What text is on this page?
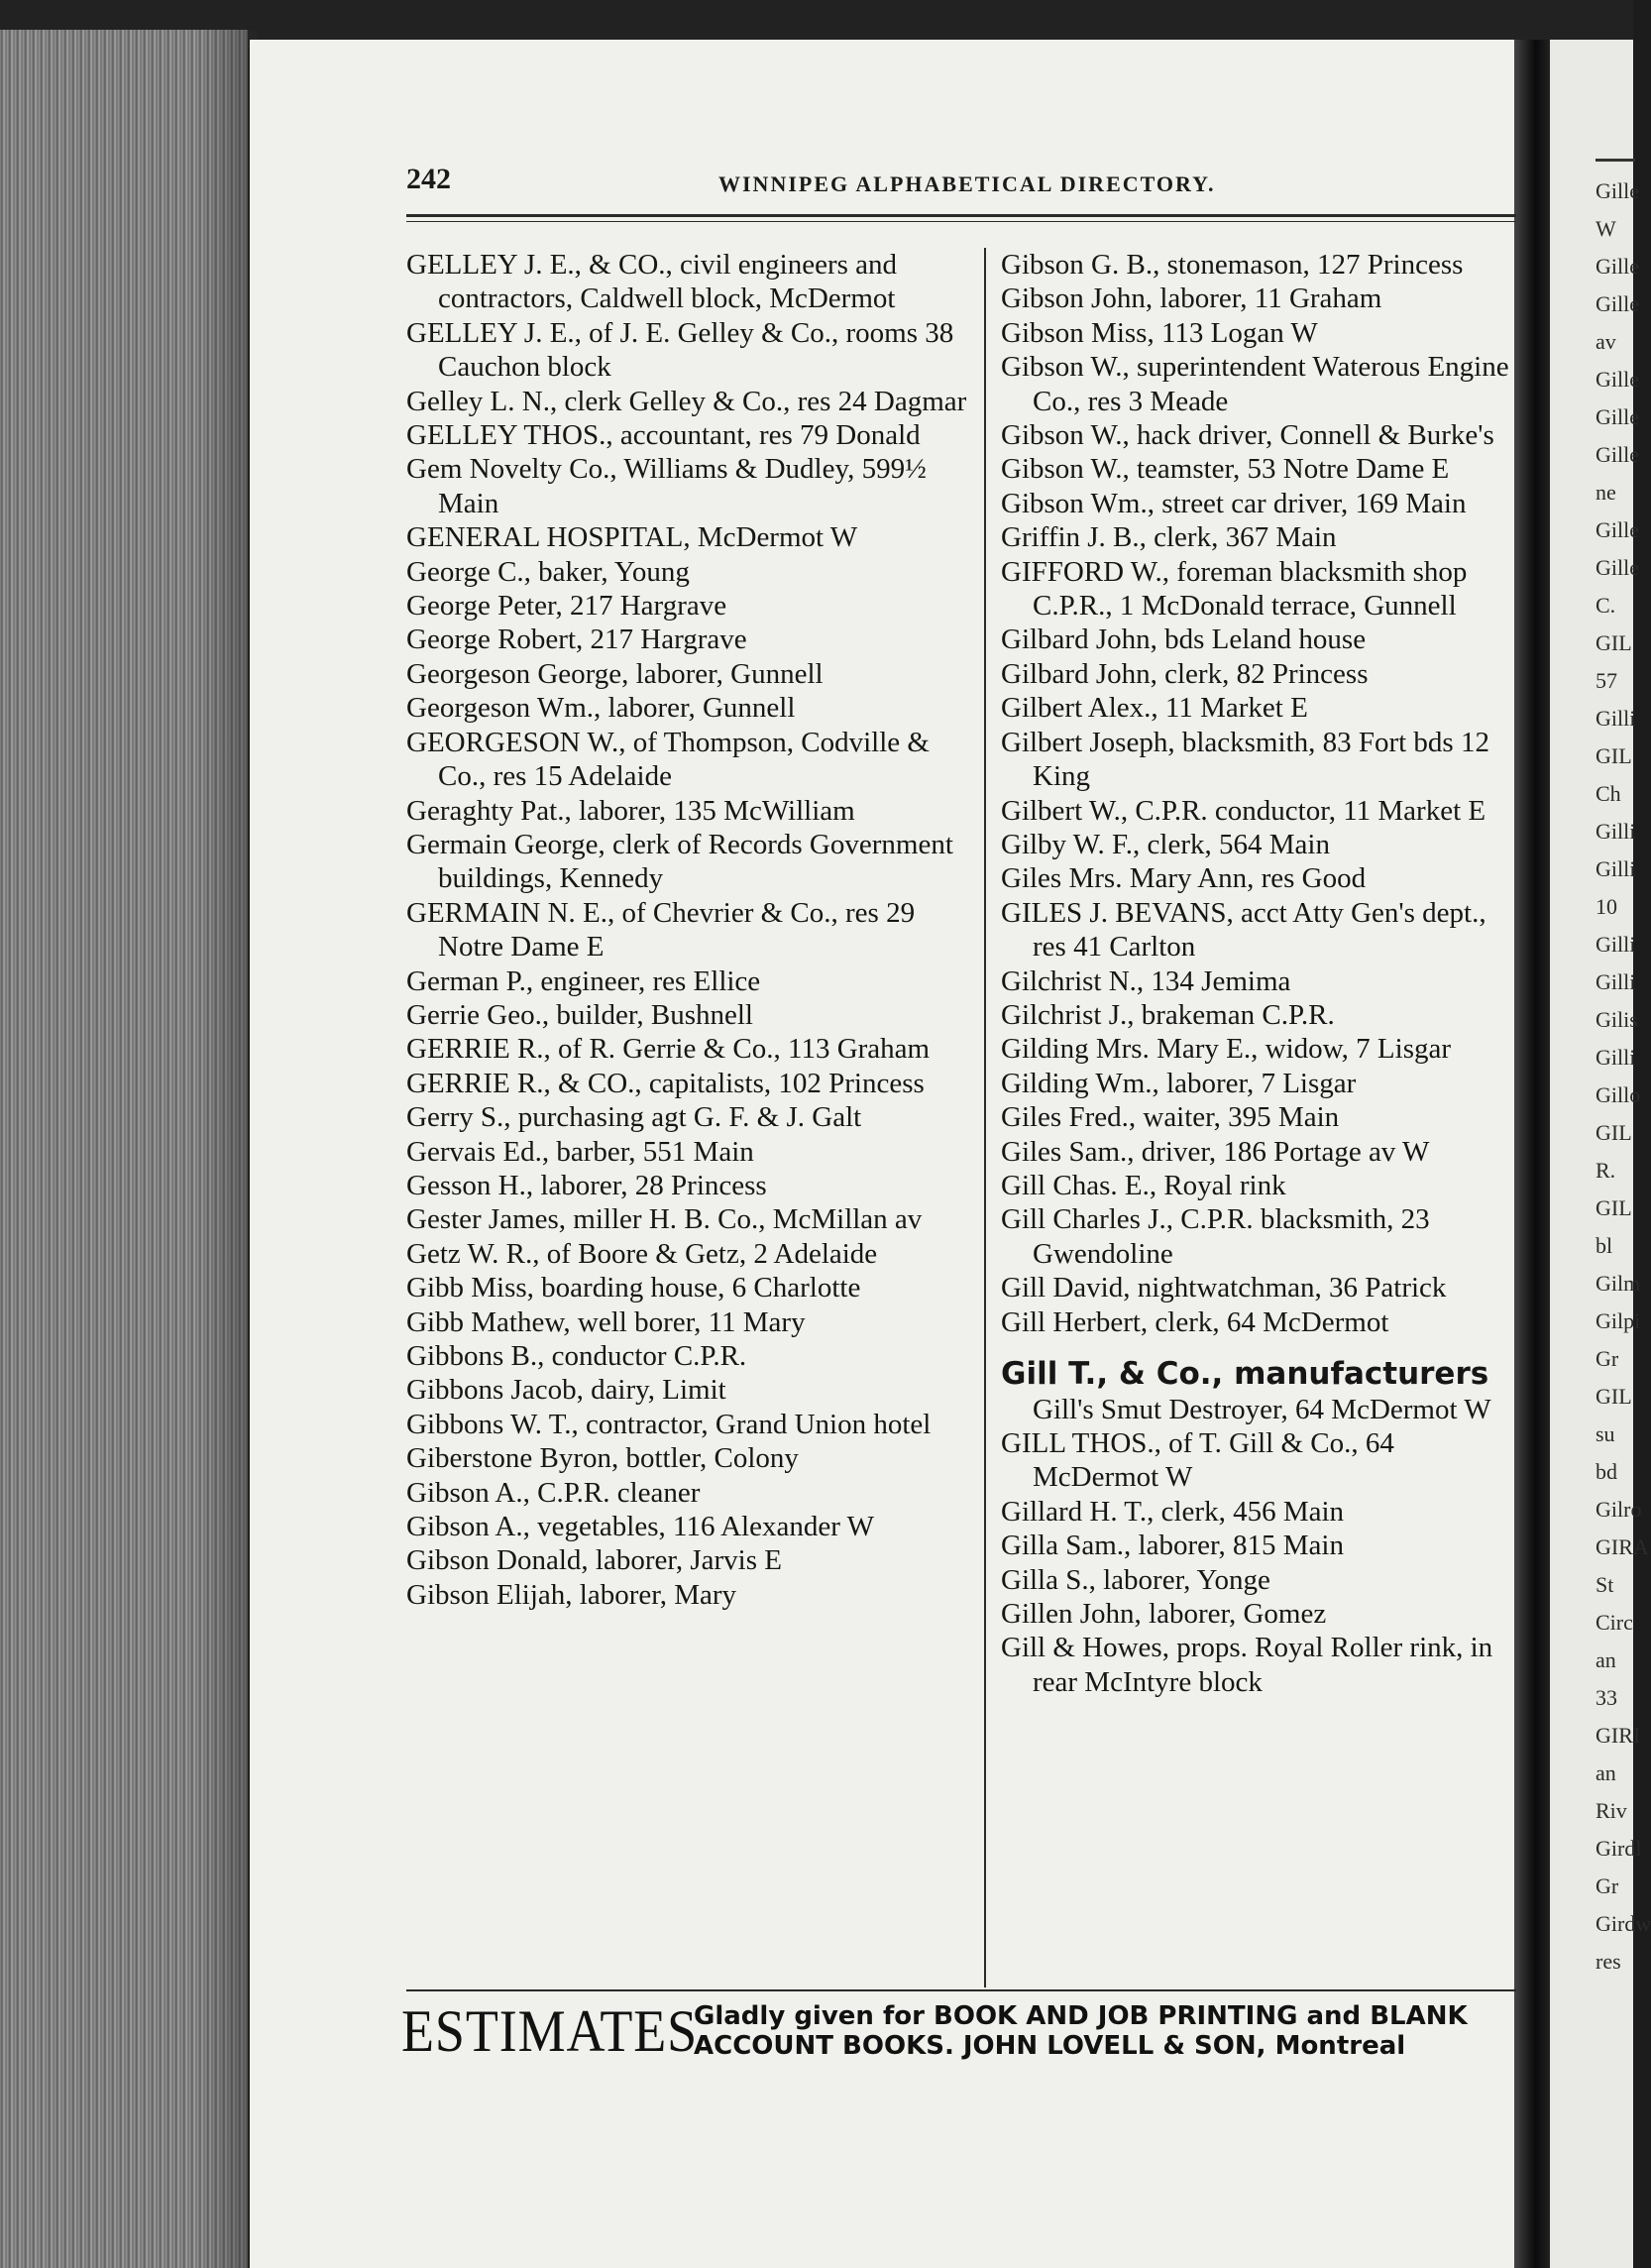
Gille
W
Gille
Gille
av
Gille
Gille
Gille
ne
Gille
Gille
C.
GIL
57
Gilli
GIL
Ch
Gilli
Gilli
10
Gilli
Gilli
Gilis
Gilli
Gillo
GIL
R.
GIL
bl
Gilm
Gilpi
Gr
GIL
su
bd
Gilro
GIRA
St
Circ
an
33
GIRI
an
Riv
Girdl
Gr
Girdw
res
242	WINNIPEG ALPHABETICAL DIRECTORY.
GELLEY J. E., & CO., civil engineers and contractors, Caldwell block, McDermot
GELLEY J. E., of J. E. Gelley & Co., rooms 38 Cauchon block
Gelley L. N., clerk Gelley & Co., res 24 Dagmar
GELLEY THOS., accountant, res 79 Donald
Gem Novelty Co., Williams & Dudley, 599½ Main
GENERAL HOSPITAL, McDermot W
George C., baker, Young
George Peter, 217 Hargrave
George Robert, 217 Hargrave
Georgeson George, laborer, Gunnell
Georgeson Wm., laborer, Gunnell
GEORGESON W., of Thompson, Codville & Co., res 15 Adelaide
Geraghty Pat., laborer, 135 McWilliam
Germain George, clerk of Records Government buildings, Kennedy
GERMAIN N. E., of Chevrier & Co., res 29 Notre Dame E
German P., engineer, res Ellice
Gerrie Geo., builder, Bushnell
GERRIE R., of R. Gerrie & Co., 113 Graham
GERRIE R., & CO., capitalists, 102 Princess
Gerry S., purchasing agt G. F. & J. Galt
Gervais Ed., barber, 551 Main
Gesson H., laborer, 28 Princess
Gester James, miller H. B. Co., McMillan av
Getz W. R., of Boore & Getz, 2 Adelaide
Gibb Miss, boarding house, 6 Charlotte
Gibb Mathew, well borer, 11 Mary
Gibbons B., conductor C.P.R.
Gibbons Jacob, dairy, Limit
Gibbons W. T., contractor, Grand Union hotel
Giberstone Byron, bottler, Colony
Gibson A., C.P.R. cleaner
Gibson A., vegetables, 116 Alexander W
Gibson Donald, laborer, Jarvis E
Gibson Elijah, laborer, Mary
Gibson G. B., stonemason, 127 Princess
Gibson John, laborer, 11 Graham
Gibson Miss, 113 Logan W
Gibson W., superintendent Waterous Engine Co., res 3 Meade
Gibson W., hack driver, Connell & Burke's
Gibson W., teamster, 53 Notre Dame E
Gibson Wm., street car driver, 169 Main
Griffin J. B., clerk, 367 Main
GIFFORD W., foreman blacksmith shop C.P.R., 1 McDonald terrace, Gunnell
Gilbard John, bds Leland house
Gilbard John, clerk, 82 Princess
Gilbert Alex., 11 Market E
Gilbert Joseph, blacksmith, 83 Fort bds 12 King
Gilbert W., C.P.R. conductor, 11 Market E
Gilby W. F., clerk, 564 Main
Giles Mrs. Mary Ann, res Good
GILES J. BEVANS, acct Atty Gen's dept., res 41 Carlton
Gilchrist N., 134 Jemima
Gilchrist J., brakeman C.P.R.
Gilding Mrs. Mary E., widow, 7 Lisgar
Gilding Wm., laborer, 7 Lisgar
Giles Fred., waiter, 395 Main
Giles Sam., driver, 186 Portage av W
Gill Chas. E., Royal rink
Gill Charles J., C.P.R. blacksmith, 23 Gwendoline
Gill David, nightwatchman, 36 Patrick
Gill Herbert, clerk, 64 McDermot
Gill T., & Co., manufacturers Gill's Smut Destroyer, 64 McDermot W
GILL THOS., of T. Gill & Co., 64 McDermot W
Gillard H. T., clerk, 456 Main
Gilla Sam., laborer, 815 Main
Gilla S., laborer, Yonge
Gillen John, laborer, Gomez
Gill & Howes, props. Royal Roller rink, in rear McIntyre block
ESTIMATES
Gladly given for BOOK AND JOB PRINTING and BLANK
ACCOUNT BOOKS. JOHN LOVELL & SON, Montreal
